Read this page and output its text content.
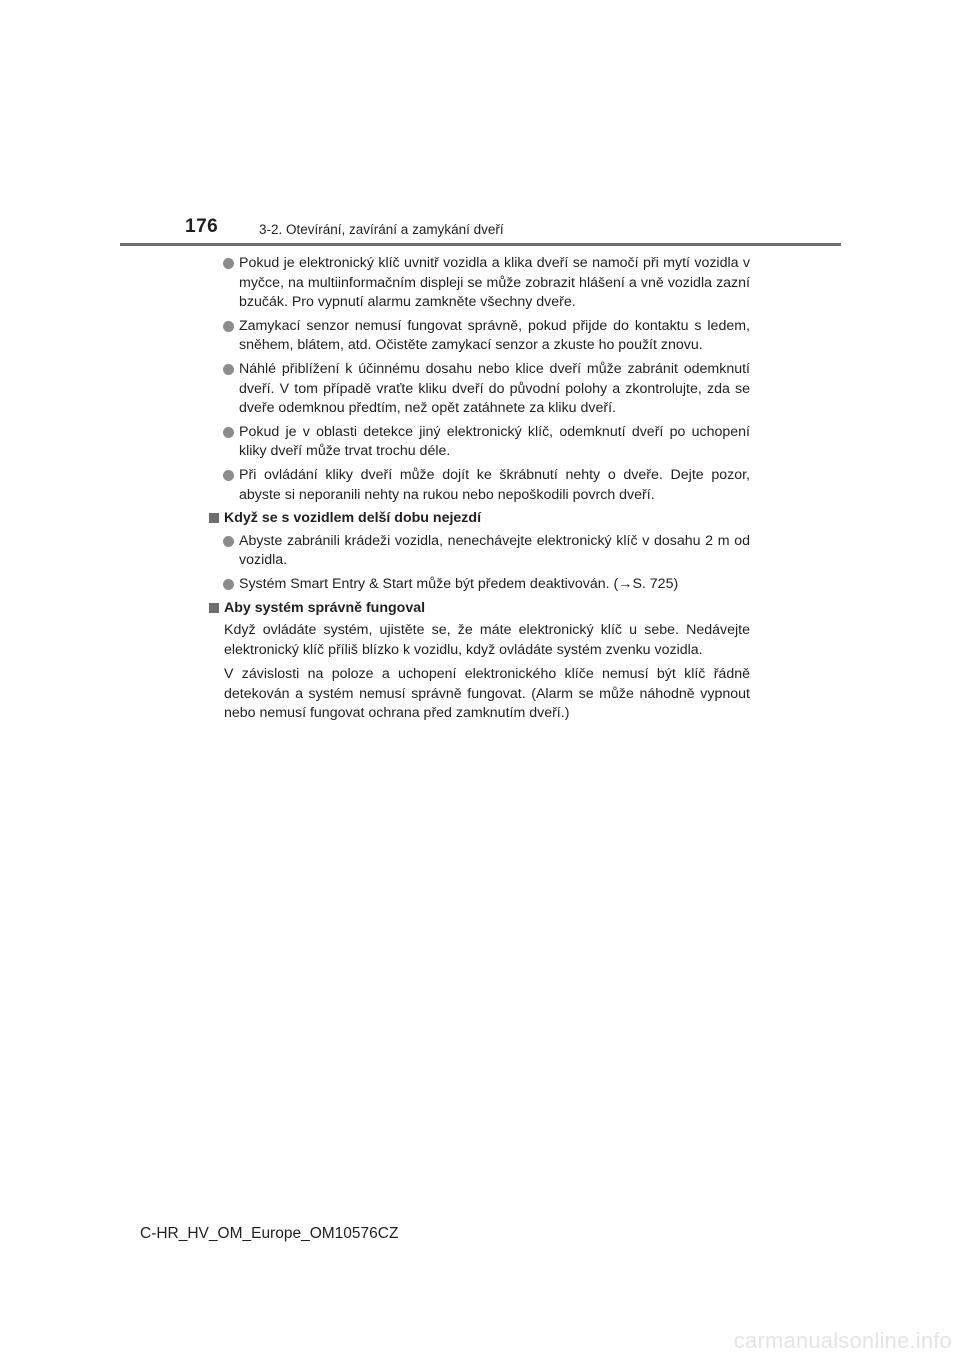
176	3-2. Otevírání, zavírání a zamykání dveří
Pokud je elektronický klíč uvnitř vozidla a klika dveří se namočí při mytí vozidla v myčce, na multiinformačním displeji se může zobrazit hlášení a vně vozidla zazní bzučák. Pro vypnutí alarmu zamkněte všechny dveře.
Zamykací senzor nemusí fungovat správně, pokud přijde do kontaktu s ledem, sněhem, blátem, atd. Očistěte zamykací senzor a zkuste ho použít znovu.
Náhlé přiblížení k účinnému dosahu nebo klice dveří může zabránit odemknutí dveří. V tom případě vraťte kliku dveří do původní polohy a zkontrolujte, zda se dveře odemknou předtím, než opět zatáhnete za kliku dveří.
Pokud je v oblasti detekce jiný elektronický klíč, odemknutí dveří po uchopení kliky dveří může trvat trochu déle.
Při ovládání kliky dveří může dojít ke škrábnutí nehty o dveře. Dejte pozor, abyste si neporanili nehty na rukou nebo nepoškodili povrch dveří.
Když se s vozidlem delší dobu nejezdí
Abyste zabránili krádeži vozidla, nenechávejte elektronický klíč v dosahu 2 m od vozidla.
Systém Smart Entry & Start může být předem deaktivován. (→S. 725)
Aby systém správně fungoval
Když ovládáte systém, ujistěte se, že máte elektronický klíč u sebe. Nedávejte elektronický klíč příliš blízko k vozidlu, když ovládáte systém zvenku vozidla.
V závislosti na poloze a uchopení elektronického klíče nemusí být klíč řádně detekován a systém nemusí správně fungovat. (Alarm se může náhodně vypnout nebo nemusí fungovat ochrana před zamknutím dveří.)
C-HR_HV_OM_Europe_OM10576CZ
carmanualsonline.info
